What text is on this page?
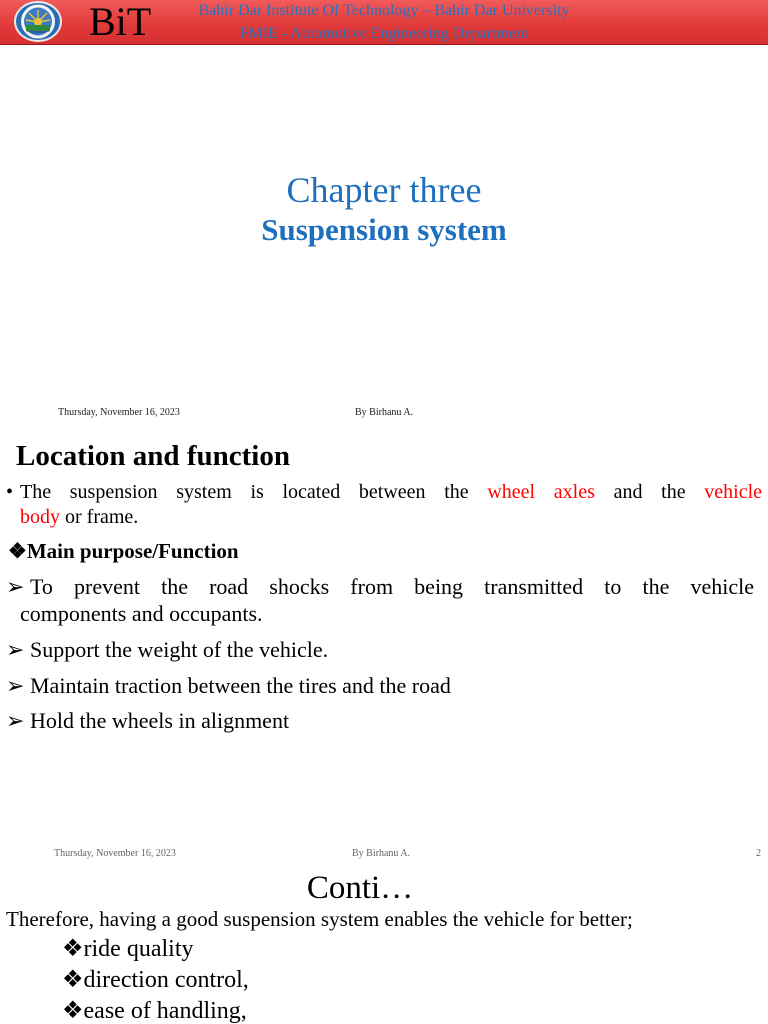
BiT	Bahir Dar Institute Of Technology – Bahir Dar University
FMIE - Automotive Engineering Department
Chapter three
Suspension system
Thursday, November 16, 2023	By Birhanu A.
Location and function
• The suspension system is located between the wheel axles and the vehicle
body or frame.
❖Main purpose/Function
➢ To prevent the road shocks from being transmitted to the vehicle
components and occupants.
➢ Support the weight of the vehicle.
➢ Maintain traction between the tires and the road
➢ Hold the wheels in alignment
Thursday, November 16, 2023	By Birhanu A.	2
Conti…
Therefore, having a good suspension system enables the vehicle for better;
❖ride quality
❖direction control,
❖ease of handling,
